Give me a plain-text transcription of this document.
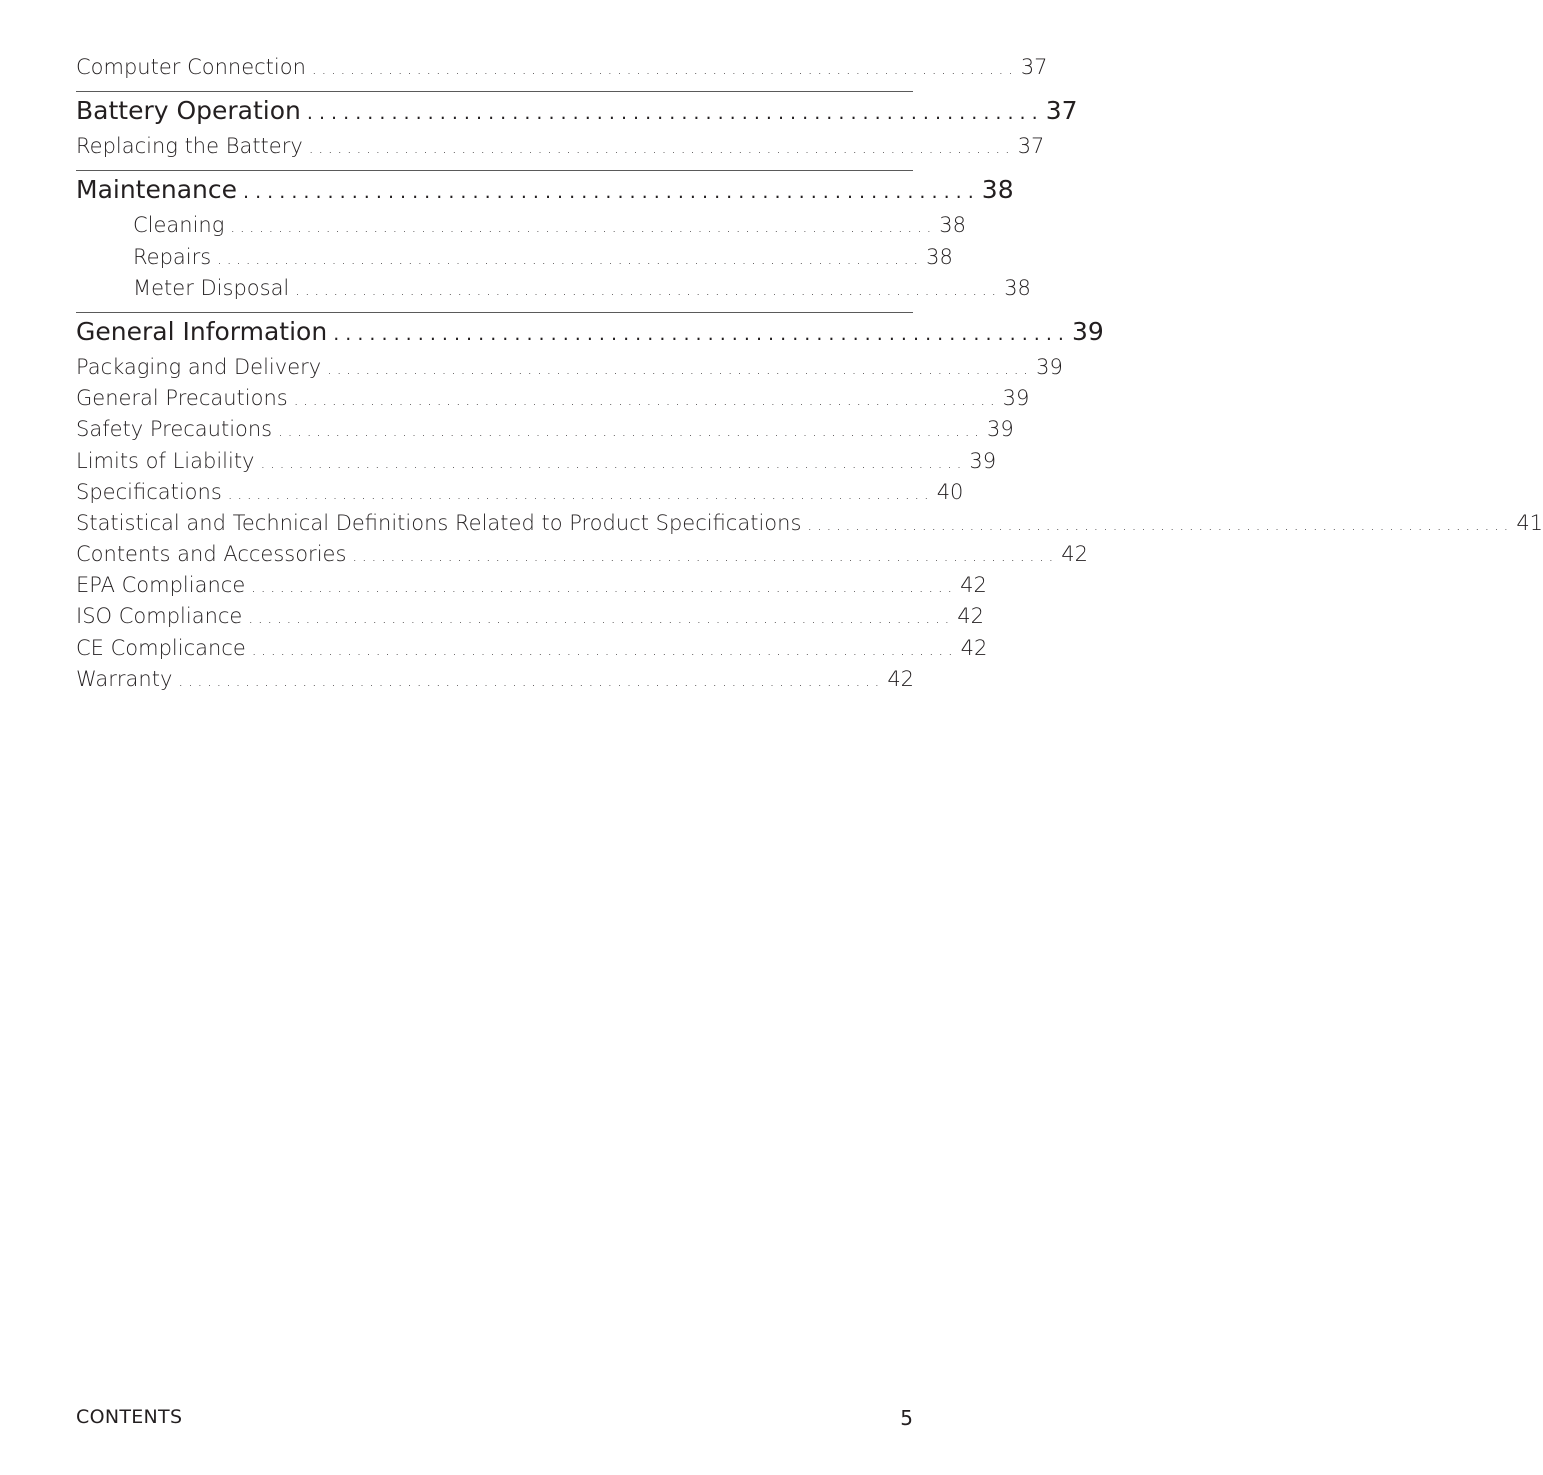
Computer Connection . . . . . . . . . . . . . . . . . . . . . . . . . . . . . . . . . . . . . . . . . . . . . . . . . . . . . . . . . . . . . . . . . . . . . . . . . . 37
Battery Operation . . . . . . . . . . . . . . . . . . . . . . . . . . . . . . . . . . . . . . . . . . . . . . . . . . . . . . . . . . . . . 37
Replacing the Battery . . . . . . . . . . . . . . . . . . . . . . . . . . . . . . . . . . . . . . . . . . . . . . . . . . . . . . . . . . . . . . . . . . . . . . . . . . 37
Maintenance . . . . . . . . . . . . . . . . . . . . . . . . . . . . . . . . . . . . . . . . . . . . . . . . . . . . . . . . . . . . . 38
Cleaning . . . . . . . . . . . . . . . . . . . . . . . . . . . . . . . . . . . . . . . . . . . . . . . . . . . . . . . . . . . . . . . . . . . . . . . . . . 38
Repairs . . . . . . . . . . . . . . . . . . . . . . . . . . . . . . . . . . . . . . . . . . . . . . . . . . . . . . . . . . . . . . . . . . . . . . . . . . 38
Meter Disposal . . . . . . . . . . . . . . . . . . . . . . . . . . . . . . . . . . . . . . . . . . . . . . . . . . . . . . . . . . . . . . . . . . . . . . . . . . 38
General Information . . . . . . . . . . . . . . . . . . . . . . . . . . . . . . . . . . . . . . . . . . . . . . . . . . . . . . . . . . . . . 39
Packaging and Delivery . . . . . . . . . . . . . . . . . . . . . . . . . . . . . . . . . . . . . . . . . . . . . . . . . . . . . . . . . . . . . . . . . . . . . . . . . . 39
General Precautions . . . . . . . . . . . . . . . . . . . . . . . . . . . . . . . . . . . . . . . . . . . . . . . . . . . . . . . . . . . . . . . . . . . . . . . . . . 39
Safety Precautions . . . . . . . . . . . . . . . . . . . . . . . . . . . . . . . . . . . . . . . . . . . . . . . . . . . . . . . . . . . . . . . . . . . . . . . . . . 39
Limits of Liability . . . . . . . . . . . . . . . . . . . . . . . . . . . . . . . . . . . . . . . . . . . . . . . . . . . . . . . . . . . . . . . . . . . . . . . . . . 39
Specifications . . . . . . . . . . . . . . . . . . . . . . . . . . . . . . . . . . . . . . . . . . . . . . . . . . . . . . . . . . . . . . . . . . . . . . . . . . 40
Statistical and Technical Definitions Related to Product Specifications . . . . . . . . . . . . . . . . . . . . . . . . . . . . . . . . . . . . . . . . . . . . . . . . . . . . . . . . . . . . . . . . . . . . . . . . . . 41
Contents and Accessories . . . . . . . . . . . . . . . . . . . . . . . . . . . . . . . . . . . . . . . . . . . . . . . . . . . . . . . . . . . . . . . . . . . . . . . . . . 42
EPA Compliance . . . . . . . . . . . . . . . . . . . . . . . . . . . . . . . . . . . . . . . . . . . . . . . . . . . . . . . . . . . . . . . . . . . . . . . . . . 42
ISO Compliance . . . . . . . . . . . . . . . . . . . . . . . . . . . . . . . . . . . . . . . . . . . . . . . . . . . . . . . . . . . . . . . . . . . . . . . . . . 42
CE Complicance . . . . . . . . . . . . . . . . . . . . . . . . . . . . . . . . . . . . . . . . . . . . . . . . . . . . . . . . . . . . . . . . . . . . . . . . . . 42
Warranty . . . . . . . . . . . . . . . . . . . . . . . . . . . . . . . . . . . . . . . . . . . . . . . . . . . . . . . . . . . . . . . . . . . . . . . . . . 42
CONTENTS	5
